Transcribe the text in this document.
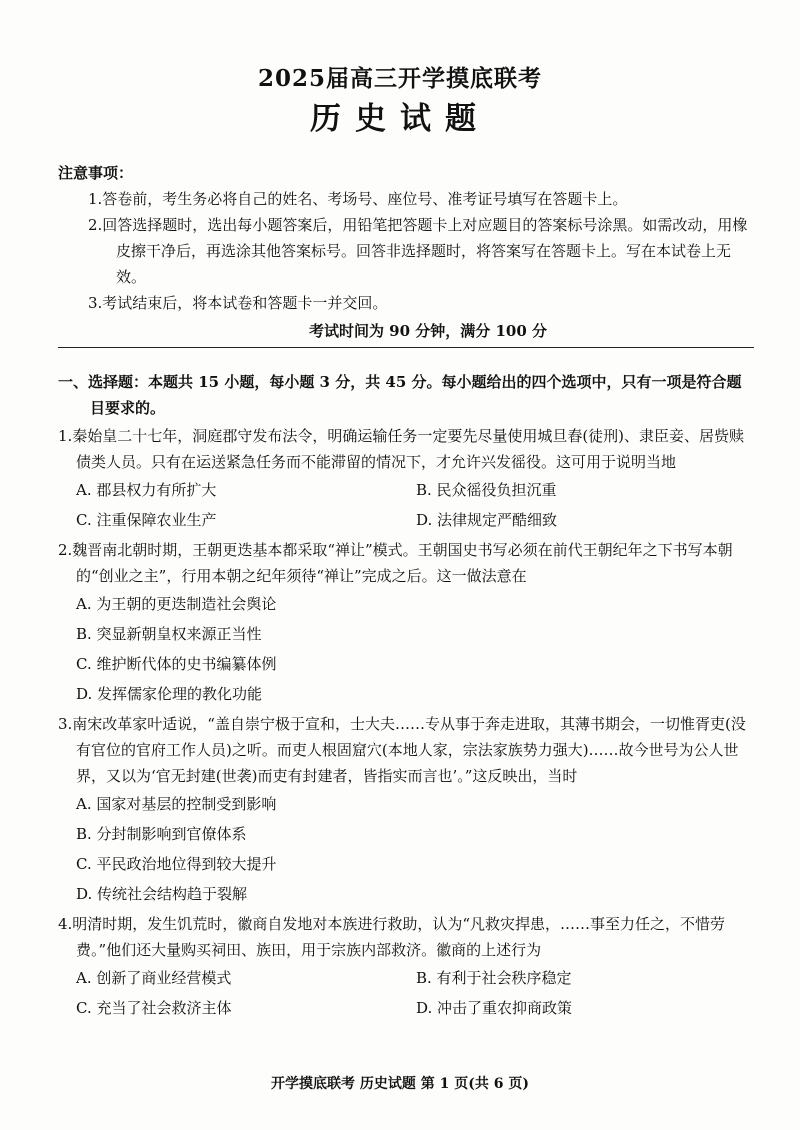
2025届高三开学摸底联考
历史试题
注意事项：
1.答卷前，考生务必将自己的姓名、考场号、座位号、准考证号填写在答题卡上。
2.回答选择题时，选出每小题答案后，用铅笔把答题卡上对应题目的答案标号涂黑。如需改动，用橡皮擦干净后，再选涂其他答案标号。回答非选择题时，将答案写在答题卡上。写在本试卷上无效。
3.考试结束后，将本试卷和答题卡一并交回。
考试时间为 90 分钟，满分 100 分
一、选择题：本题共 15 小题，每小题 3 分，共 45 分。每小题给出的四个选项中，只有一项是符合题目要求的。
1.秦始皇二十七年，洞庭郡守发布法令，明确运输任务一定要先尽量使用城旦舂(徒刑)、隶臣妾、居赀赎债类人员。只有在运送紧急任务而不能滞留的情况下，才允许兴发徭役。这可用于说明当地
A. 郡县权力有所扩大	B. 民众徭役负担沉重
C. 注重保障农业生产	D. 法律规定严酷细致
2.魏晋南北朝时期，王朝更迭基本都采取“禅让”模式。王朝国史书写必须在前代王朝纪年之下书写本朝的“创业之主”，行用本朝之纪年须待“禅让”完成之后。这一做法意在
A. 为王朝的更迭制造社会舆论
B. 突显新朝皇权来源正当性
C. 维护断代体的史书编纂体例
D. 发挥儒家伦理的教化功能
3.南宋改革家叶适说，“盖自崇宁极于宣和，士大夫……专从事于奔走进取，其薄书期会，一切惟胥吏(没有官位的官府工作人员)之听。而吏人根固窟穴(本地人家，宗法家族势力强大)……故今世号为公人世界，又以为‘官无封建(世袭)而吏有封建者，皆指实而言也’。”这反映出，当时
A. 国家对基层的控制受到影响
B. 分封制影响到官僚体系
C. 平民政治地位得到较大提升
D. 传统社会结构趋于裂解
4.明清时期，发生饥荒时，徽商自发地对本族进行救助，认为“凡救灾捍患，……事至力任之，不惜劳费。”他们还大量购买祠田、族田，用于宗族内部救济。徽商的上述行为
A. 创新了商业经营模式	B. 有利于社会秩序稳定
C. 充当了社会救济主体	D. 冲击了重农抑商政策
开学摸底联考 历史试题 第 1 页(共 6 页)
